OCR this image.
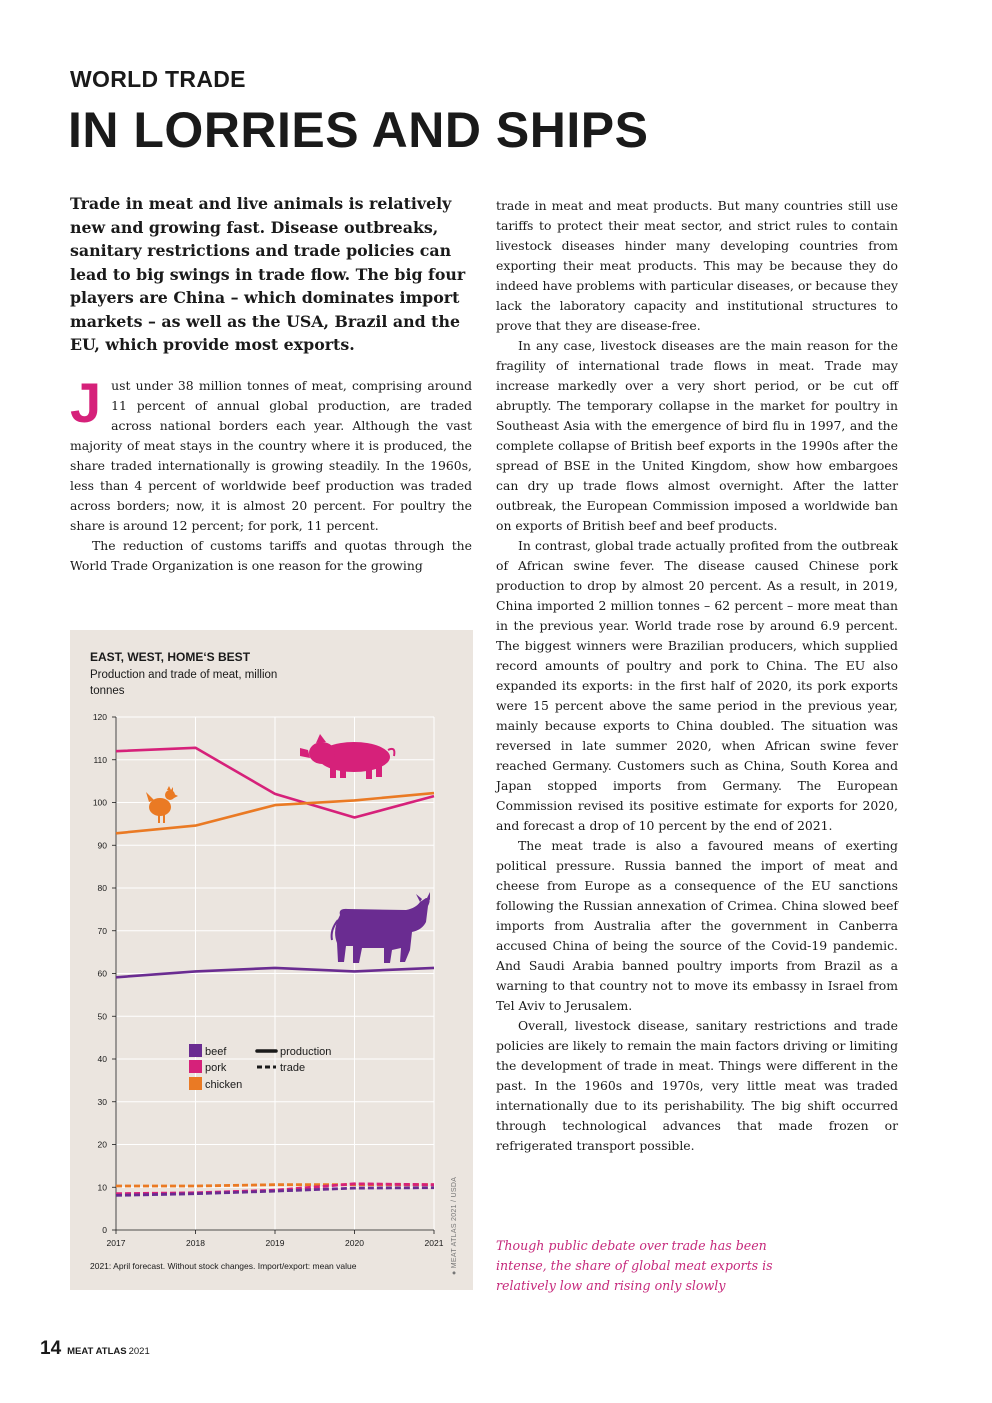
WORLD TRADE
IN LORRIES AND SHIPS
Trade in meat and live animals is relatively new and growing fast. Disease outbreaks, sanitary restrictions and trade policies can lead to big swings in trade flow. The big four players are China – which dominates import markets – as well as the USA, Brazil and the EU, which provide most exports.

Just under 38 million tonnes of meat, comprising around 11 percent of annual global production, are traded across national borders each year. Although the vast majority of meat stays in the country where it is produced, the share traded internationally is growing steadily. In the 1960s, less than 4 percent of worldwide beef production was traded across borders; now, it is almost 20 percent. For poultry the share is around 12 percent; for pork, 11 percent.

The reduction of customs tariffs and quotas through the World Trade Organization is one reason for the growing

trade in meat and meat products. But many countries still use tariffs to protect their meat sector, and strict rules to contain livestock diseases hinder many developing countries from exporting their meat products. This may be because they do indeed have problems with particular diseases, or because they lack the laboratory capacity and institutional structures to prove that they are disease-free.

In any case, livestock diseases are the main reason for the fragility of international trade flows in meat. Trade may increase markedly over a very short period, or be cut off abruptly. The temporary collapse in the market for poultry in Southeast Asia with the emergence of bird flu in 1997, and the complete collapse of British beef exports in the 1990s after the spread of BSE in the United Kingdom, show how embargoes can dry up trade flows almost overnight. After the latter outbreak, the European Commission imposed a worldwide ban on exports of British beef and beef products.

In contrast, global trade actually profited from the outbreak of African swine fever. The disease caused Chinese pork production to drop by almost 20 percent. As a result, in 2019, China imported 2 million tonnes – 62 percent – more meat than in the previous year. World trade rose by around 6.9 percent. The biggest winners were Brazilian producers, which supplied record amounts of poultry and pork to China. The EU also expanded its exports: in the first half of 2020, its pork exports were 15 percent above the same period in the previous year, mainly because exports to China doubled. The situation was reversed in late summer 2020, when African swine fever reached Germany. Customers such as China, South Korea and Japan stopped imports from Germany. The European Commission revised its positive estimate for exports for 2020, and forecast a drop of 10 percent by the end of 2021.

The meat trade is also a favoured means of exerting political pressure. Russia banned the import of meat and cheese from Europe as a consequence of the EU sanctions following the Russian annexation of Crimea. China slowed beef imports from Australia after the government in Canberra accused China of being the source of the Covid-19 pandemic. And Saudi Arabia banned poultry imports from Brazil as a warning to that country not to move its embassy in Israel from Tel Aviv to Jerusalem.

Overall, livestock disease, sanitary restrictions and trade policies are likely to remain the main factors driving or limiting the development of trade in meat. Things were different in the past. In the 1960s and 1970s, very little meat was traded internationally due to its perishability. The big shift occurred through technological advances that made frozen or refrigerated transport possible.

Though public debate over trade has been intense, the share of global meat exports is relatively low and rising only slowly
EAST, WEST, HOME‘S BEST
Production and trade of meat, million tonnes
0
10
20
30
40
50
60
70
80
90
100
110
120
2017	2018	2019	2020	2021
beef
pork
chicken
production
trade
2021: April forecast. Without stock changes. Import/export: mean value
● MEAT ATLAS 2021 / USDA
14 MEAT ATLAS 2021
